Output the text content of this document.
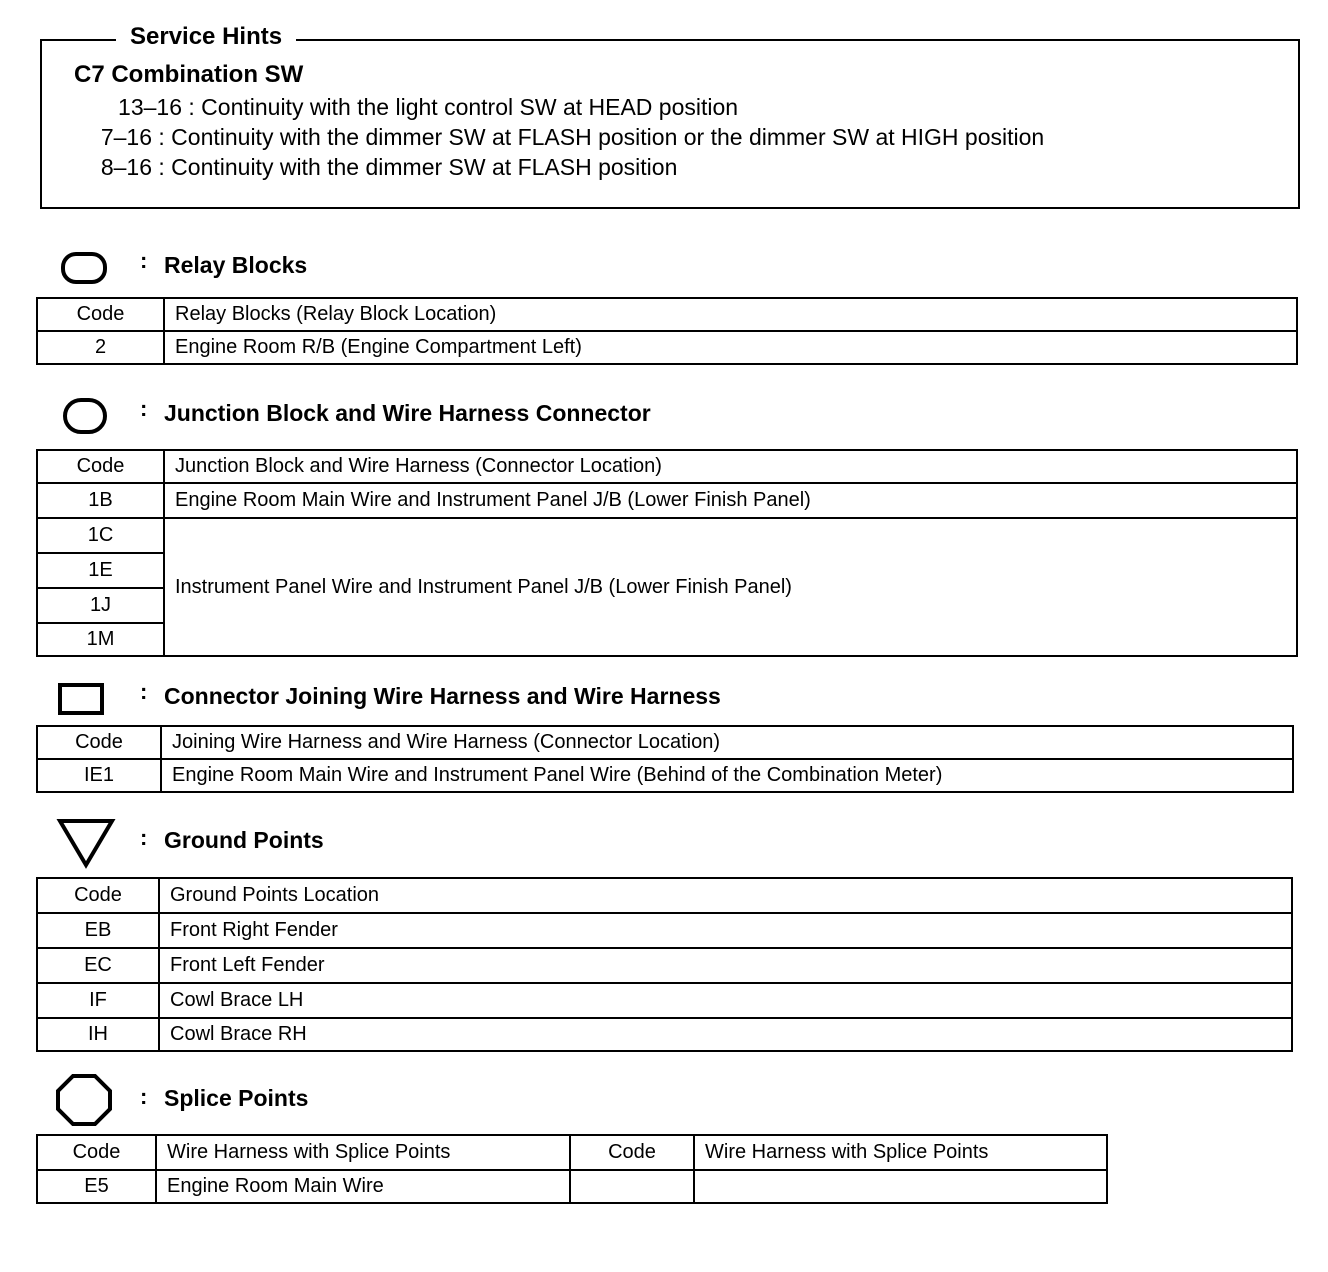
Service Hints
C7 Combination SW
13–16 : Continuity with the light control SW at HEAD position
7–16 : Continuity with the dimmer SW at FLASH position or the dimmer SW at HIGH position
8–16 : Continuity with the dimmer SW at FLASH position
: Relay Blocks
Code	Relay Blocks (Relay Block Location)
2	Engine Room R/B (Engine Compartment Left)
: Junction Block and Wire Harness Connector
Code	Junction Block and Wire Harness (Connector Location)
1B	Engine Room Main Wire and Instrument Panel J/B (Lower Finish Panel)
1C	Instrument Panel Wire and Instrument Panel J/B (Lower Finish Panel)
1E	
1J	
1M	
: Connector Joining Wire Harness and Wire Harness
Code	Joining Wire Harness and Wire Harness (Connector Location)
IE1	Engine Room Main Wire and Instrument Panel Wire (Behind of the Combination Meter)
: Ground Points
Code	Ground Points Location
EB	Front Right Fender
EC	Front Left Fender
IF	Cowl Brace LH
IH	Cowl Brace RH
: Splice Points
Code	Wire Harness with Splice Points	Code	Wire Harness with Splice Points
E5	Engine Room Main Wire		
